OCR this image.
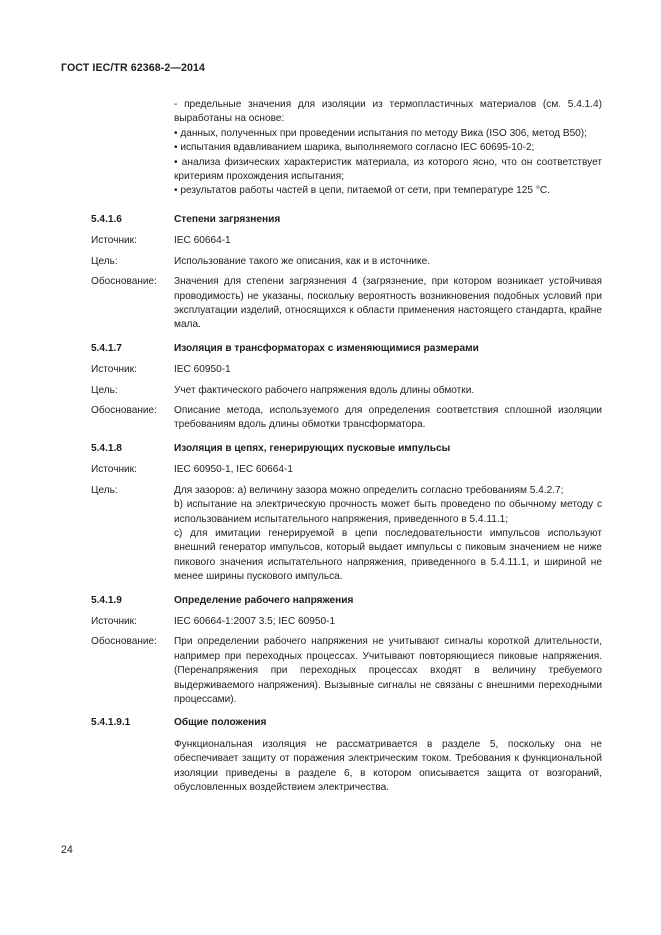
ГОСТ IEC/TR 62368-2—2014

- предельные значения для изоляции из термопластичных материалов (см. 5.4.1.4) выработаны на основе:

• данных, полученных при проведении испытания по методу Вика (ISO 306, метод B50);

• испытания вдавливанием шарика, выполняемого согласно IEC 60695-10-2;

• анализа физических характеристик материала, из которого ясно, что он соответствует критериям прохождения испытания;

• результатов работы частей в цепи, питаемой от сети, при температуре 125 °C.

5.4.1.6	Степени загрязнения
Источник:	IEC 60664-1
Цель:	Использование такого же описания, как и в источнике.
Обоснование:	Значения для степени загрязнения 4 (загрязнение, при котором возникает устойчивая проводимость) не указаны, поскольку вероятность возникновения подобных условий при эксплуатации изделий, относящихся к области применения настоящего стандарта, крайне мала.
5.4.1.7	Изоляция в трансформаторах с изменяющимися размерами
Источник:	IEC 60950-1
Цель:	Учет фактического рабочего напряжения вдоль длины обмотки.
Обоснование:	Описание метода, используемого для определения соответствия сплошной изоляции требованиям вдоль длины обмотки трансформатора.
5.4.1.8	Изоляция в цепях, генерирующих пусковые импульсы
Источник:	IEC 60950-1, IEC 60664-1
Цель:	Для зазоров: a) величину зазора можно определить согласно требованиям 5.4.2.7;

b) испытание на электрическую прочность может быть проведено по обычному методу с использованием испытательного напряжения, приведенного в 5.4.11.1;

c) для имитации генерируемой в цепи последовательности импульсов используют внешний генератор импульсов, который выдает импульсы с пиковым значением не ниже пикового значения испытательного напряжения, приведенного в 5.4.11.1, и шириной не менее ширины пускового импульса.

5.4.1.9	Определение рабочего напряжения
Источник:	IEC 60664-1:2007 3.5; IEC 60950-1
Обоснование:	При определении рабочего напряжения не учитывают сигналы короткой длительности, например при переходных процессах. Учитывают повторяющиеся пиковые напряжения. (Перенапряжения при переходных процессах входят в величину требуемого выдерживаемого напряжения). Вызывные сигналы не связаны с внешними переходными процессами).
5.4.1.9.1	Общие положения
Функциональная изоляция не рассматривается в разделе 5, поскольку она не обеспечивает защиту от поражения электрическим током. Требования к функциональной изоляции приведены в разделе 6, в котором описывается защита от возгораний, обусловленных воздействием электричества.
24
